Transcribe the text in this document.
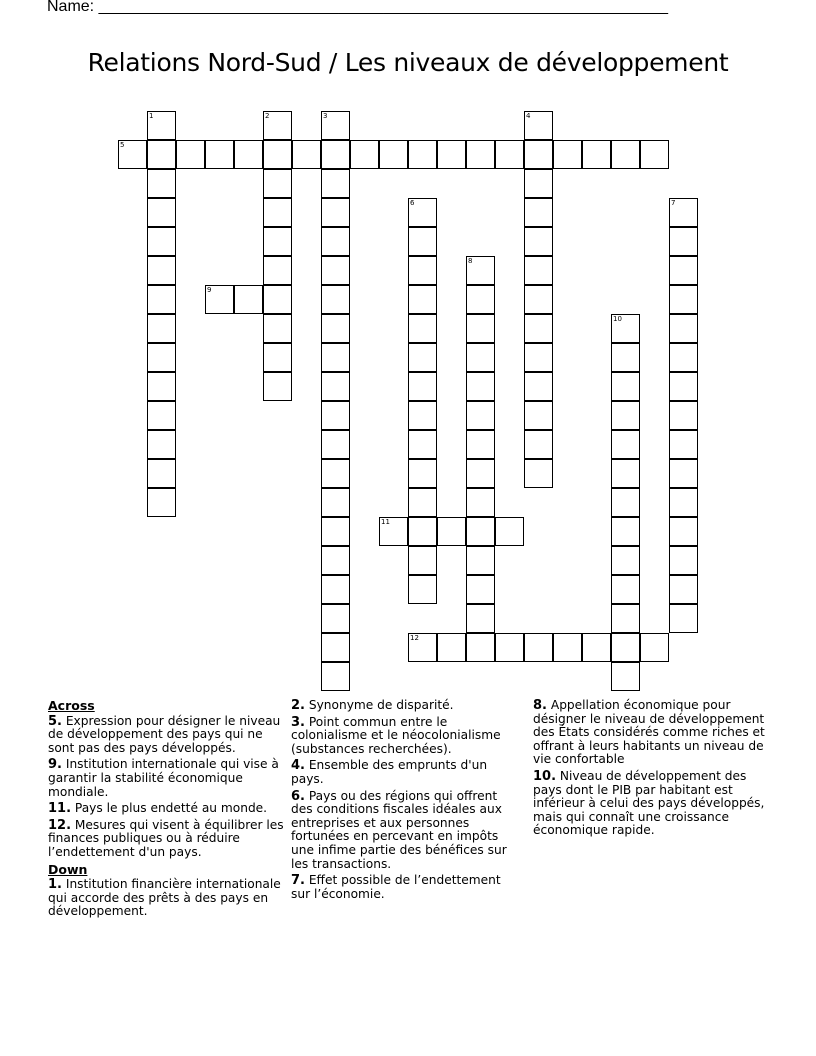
Name: ________________________________________________________________
Relations Nord-Sud / Les niveaux de développement
1	2	3	4
5
6	7
8
9
10
11
12
Across
5. Expression pour désigner le niveau de développement des pays qui ne sont pas des pays développés.
9. Institution internationale qui vise à garantir la stabilité économique mondiale.
11. Pays le plus endetté au monde.
12. Mesures qui visent à équilibrer les finances publiques ou à réduire l’endettement d'un pays.
Down
1. Institution financière internationale qui accorde des prêts à des pays en développement.
2. Synonyme de disparité.
3. Point commun entre le colonialisme et le néocolonialisme (substances recherchées).
4. Ensemble des emprunts d'un pays.
6. Pays ou des régions qui offrent des conditions fiscales idéales aux entreprises et aux personnes fortunées en percevant en impôts une infime partie des bénéfices sur les transactions.
7. Effet possible de l’endettement sur l’économie.
8. Appellation économique pour désigner le niveau de développement des États considérés comme riches et offrant à leurs habitants un niveau de vie confortable
10. Niveau de développement des pays dont le PIB par habitant est inférieur à celui des pays développés, mais qui connaît une croissance économique rapide.
